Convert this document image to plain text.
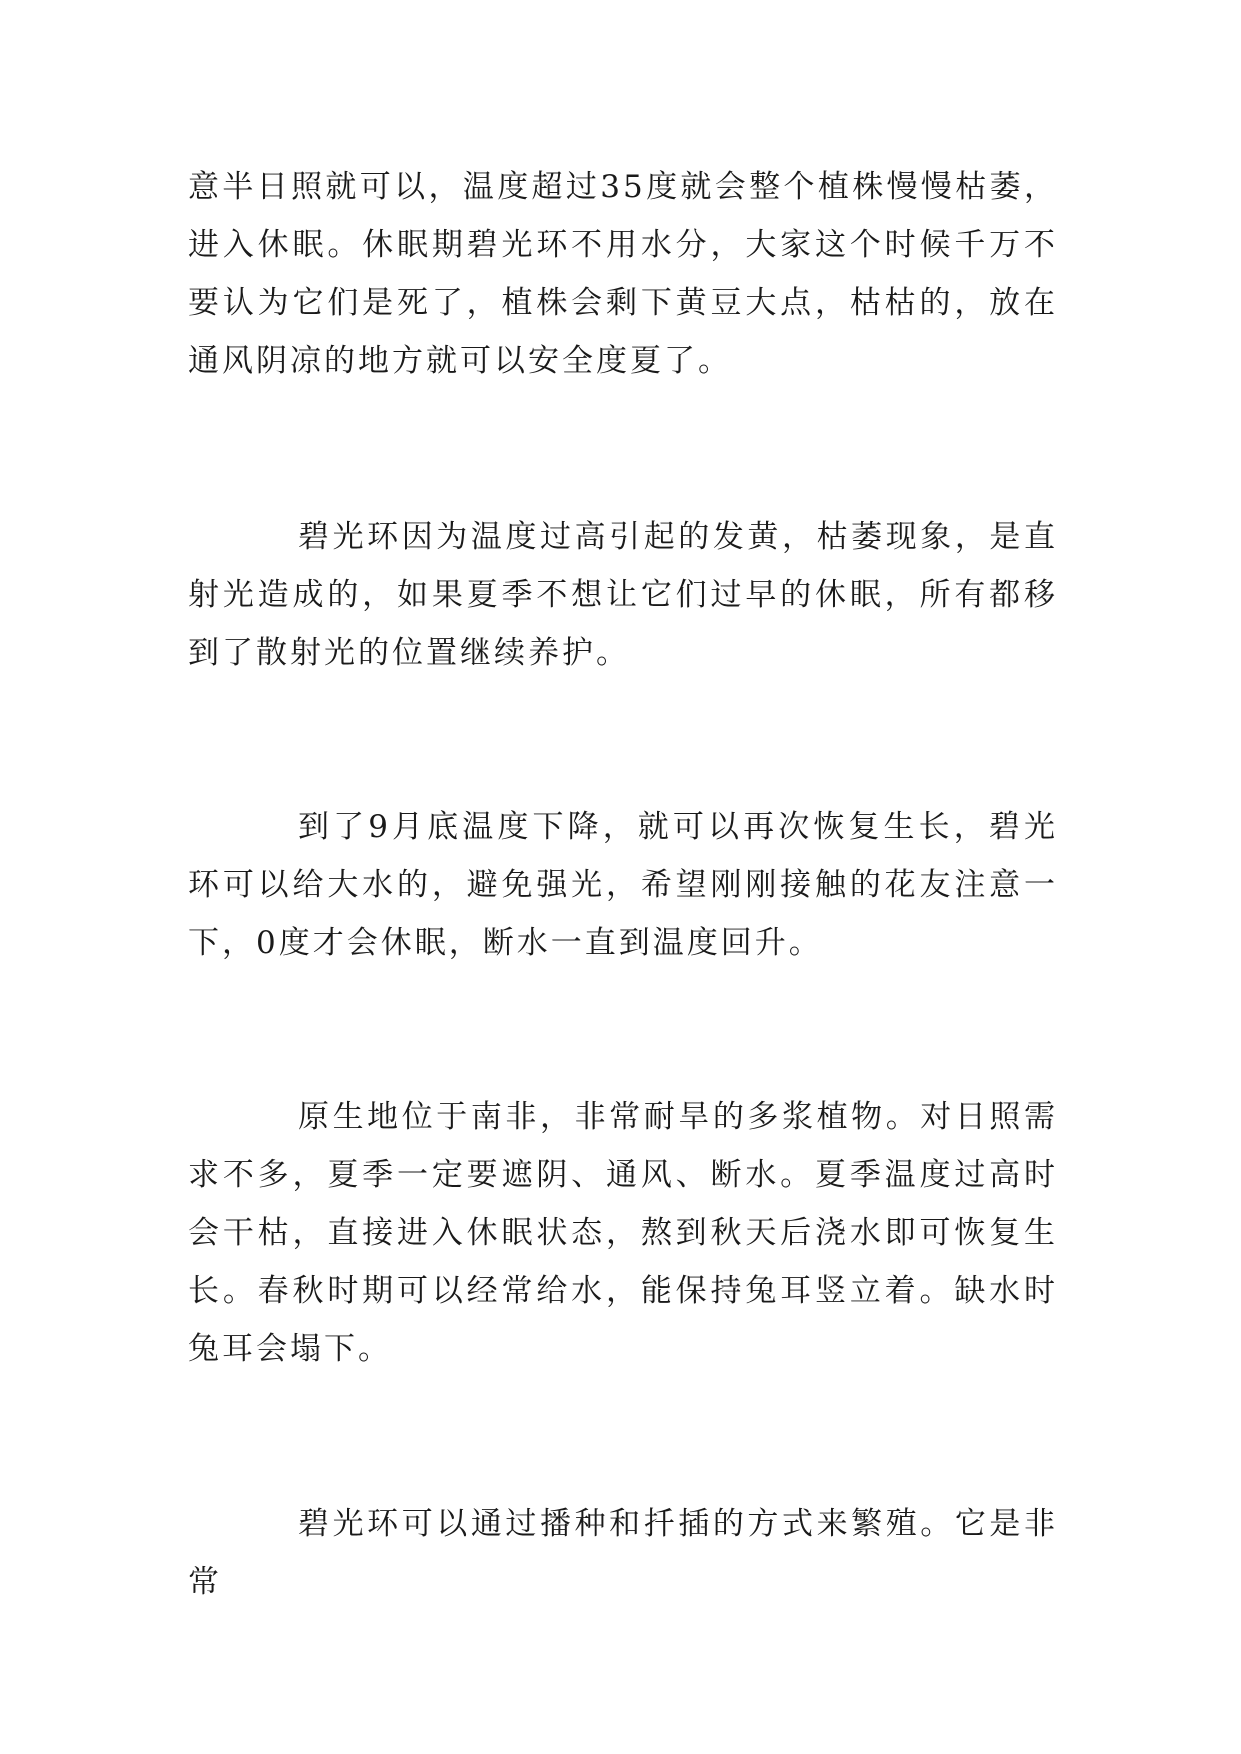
意半日照就可以，温度超过35度就会整个植株慢慢枯萎，进入休眠。休眠期碧光环不用水分，大家这个时候千万不要认为它们是死了，植株会剩下黄豆大点，枯枯的，放在通风阴凉的地方就可以安全度夏了。

碧光环因为温度过高引起的发黄，枯萎现象，是直射光造成的，如果夏季不想让它们过早的休眠，所有都移到了散射光的位置继续养护。

到了9月底温度下降，就可以再次恢复生长，碧光环可以给大水的，避免强光，希望刚刚接触的花友注意一下，0度才会休眠，断水一直到温度回升。

原生地位于南非，非常耐旱的多浆植物。对日照需求不多，夏季一定要遮阴、通风、断水。夏季温度过高时会干枯，直接进入休眠状态，熬到秋天后浇水即可恢复生长。春秋时期可以经常给水，能保持兔耳竖立着。缺水时兔耳会塌下。

碧光环可以通过播种和扦插的方式来繁殖。它是非常
